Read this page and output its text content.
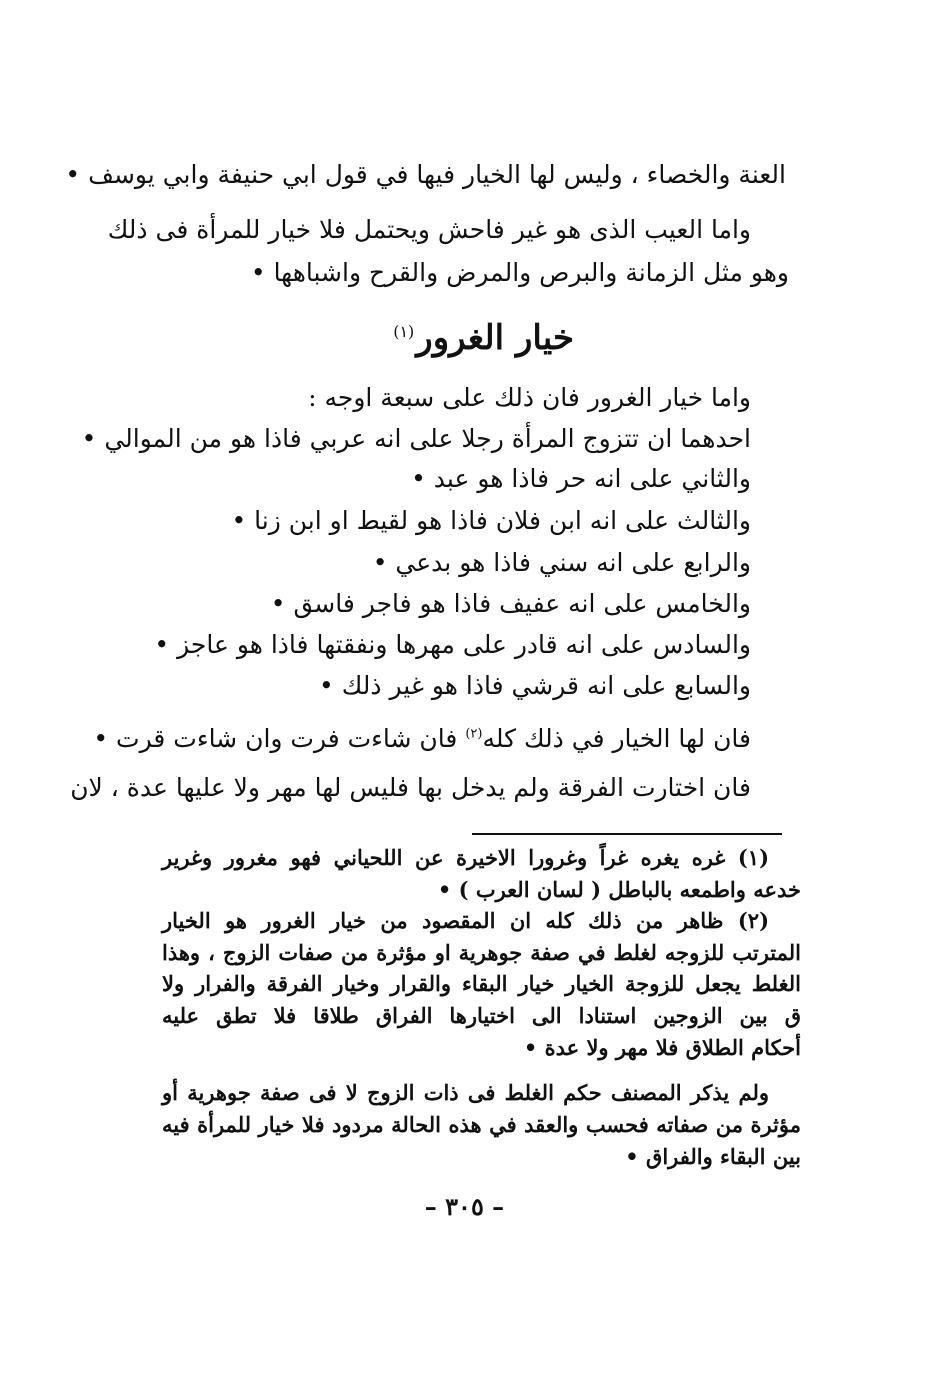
العنة والخصاء ، وليس لها الخيار فيها في قول ابي حنيفة وابي يوسف •
واما العيب الذى هو غير فاحش ويحتمل فلا خيار للمرأة فى ذلك
وهو مثل الزمانة والبرص والمرض والقرح واشباهها •
خيار الغرور$^{(١)}$
واما خيار الغرور فان ذلك على سبعة اوجه :
احدهما ان تتزوج المرأة رجلا على انه عربي فاذا هو من الموالي •
والثاني على انه حر فاذا هو عبد •
والثالث على انه ابن فلان فاذا هو لقيط او ابن زنا •
والرابع على انه سني فاذا هو بدعي •
والخامس على انه عفيف فاذا هو فاجر فاسق •
والسادس على انه قادر على مهرها ونفقتها فاذا هو عاجز •
والسابع على انه قرشي فاذا هو غير ذلك •
فان لها الخيار في ذلك كله$^{(٢)}$ فان شاءت فرت وان شاءت قرت •
فان اختارت الفرقة ولم يدخل بها فليس لها مهر ولا عليها عدة ، لان
(١) غره يغره غراً وغرورا الاخيرة عن اللحياني فهو مغرور وغرير
خدعه واطمعه بالباطل ( لسان العرب ) •
(٢) ظاهر من ذلك كله ان المقصود من خيار الغرور هو الخيار
المترتب للزوجه لغلط في صفة جوهرية او مؤثرة من صفات الزوج ، وهذا
الغلط يجعل للزوجة الخيار خيار البقاء والقرار وخيار الفرقة والفرار ولا
ق بين الزوجين استنادا الى اختيارها الفراق طلاقا فلا تطق عليه
أحكام الطلاق فلا مهر ولا عدة •
ولم يذكر المصنف حكم الغلط فى ذات الزوج لا فى صفة جوهرية أو
مؤثرة من صفاته فحسب والعقد في هذه الحالة مردود فلا خيار للمرأة فيه
بين البقاء والفراق •
– ٣٠٥ –
